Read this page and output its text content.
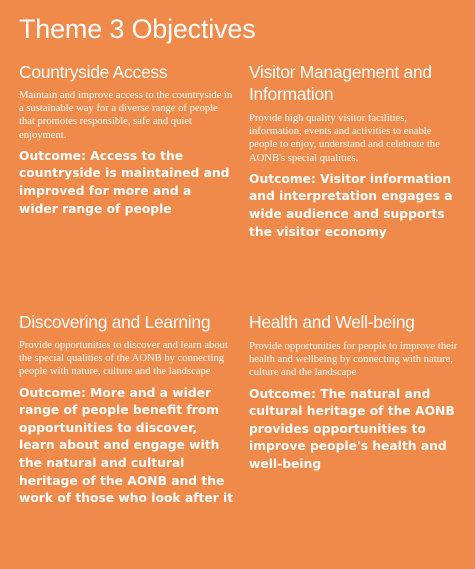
Theme 3 Objectives
Countryside Access

Maintain and improve access to the countryside in a sustainable way for a diverse range of people that promotes responsible, safe and quiet enjoyment.

Outcome: Access to the countryside is maintained and improved for more and a wider range of people

Visitor Management and Information

Provide high quality visitor facilities, information, events and activities to enable people to enjoy, understand and celebrate the AONB's special qualities.

Outcome: Visitor information and interpretation engages a wide audience and supports the visitor economy

Discovering and Learning

Provide opportunities to discover and learn about the special qualities of the AONB by connecting people with nature, culture and the landscape

Outcome: More and a wider range of people benefit from opportunities to discover, learn about and engage with the natural and cultural heritage of the AONB and the work of those who look after it

Health and Well-being

Provide opportunities for people to improve their health and wellbeing by connecting with nature, culture and the landscape

Outcome: The natural and cultural heritage of the AONB provides opportunities to improve people's health and well-being
